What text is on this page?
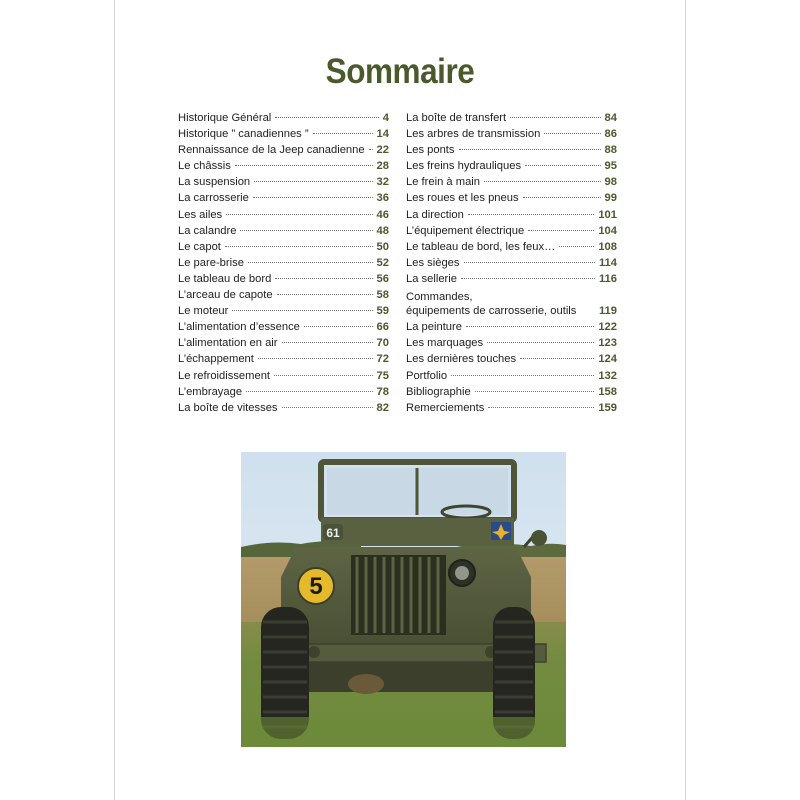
Sommaire
Historique Général	4
Historique ” canadiennes ”	14
Rennaissance de la Jeep canadienne 22
Le châssis	28
La suspension	32
La carrosserie	36
Les ailes	46
La calandre	48
Le capot	50
Le pare-brise	52
Le tableau de bord	56
L’arceau de capote	58
Le moteur	59
L’alimentation d’essence	66
L’alimentation en air	70
L’échappement	72
Le refroidissement	75
L’embrayage	78
La boîte de vitesses	82
La boîte de transfert	84
Les arbres de transmission	86
Les ponts	88
Les freins hydrauliques	95
Le frein à main	98
Les roues et les pneus	99
La direction	101
L’équipement électrique	104
Le tableau de bord, les feux…	108
Les sièges	114
La sellerie	116
Commandes,
équipements de carrosserie, outils 119
La peinture	122
Les marquages	123
Les dernières touches	124
Portfolio	132
Bibliographie	158
Remerciements	159
61
5
